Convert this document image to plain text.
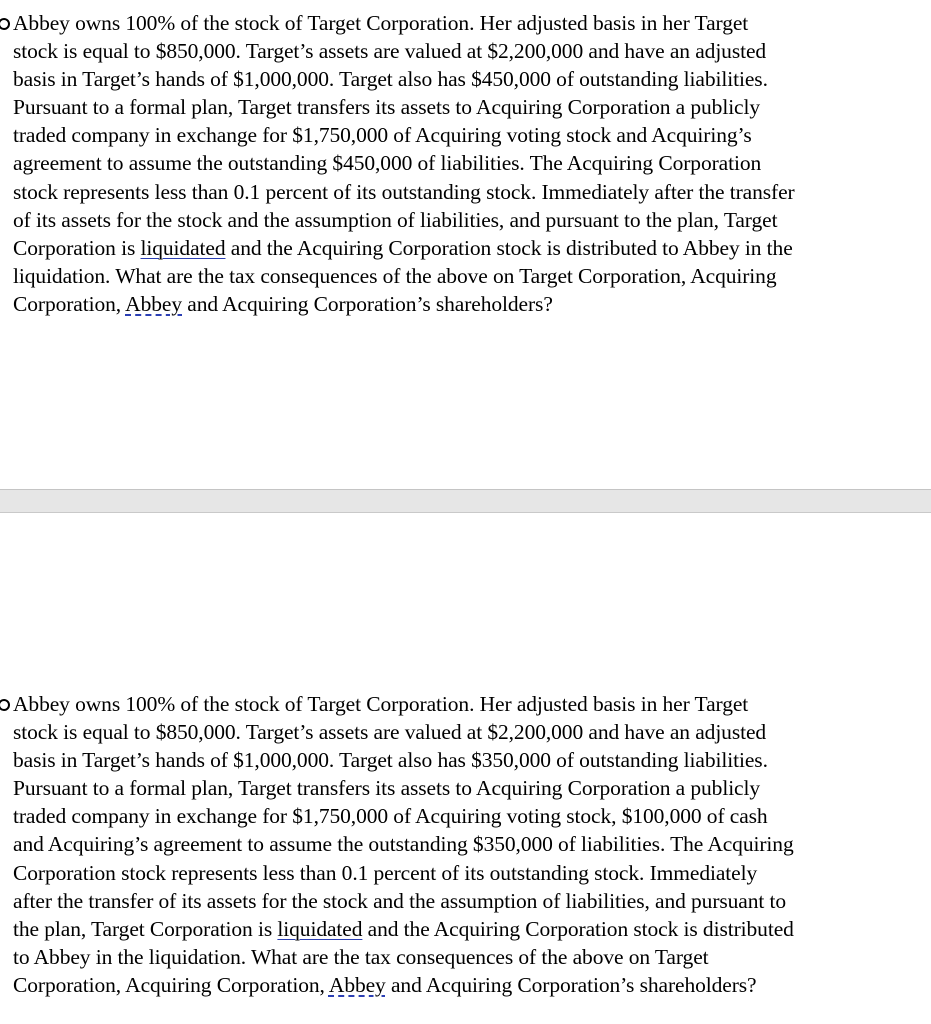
Abbey owns 100% of the stock of Target Corporation. Her adjusted basis in her Target
stock is equal to $850,000. Target’s assets are valued at $2,200,000 and have an adjusted
basis in Target’s hands of $1,000,000. Target also has $450,000 of outstanding liabilities.
Pursuant to a formal plan, Target transfers its assets to Acquiring Corporation a publicly
traded company in exchange for $1,750,000 of Acquiring voting stock and Acquiring’s
agreement to assume the outstanding $450,000 of liabilities. The Acquiring Corporation
stock represents less than 0.1 percent of its outstanding stock. Immediately after the transfer
of its assets for the stock and the assumption of liabilities, and pursuant to the plan, Target
Corporation is liquidated and the Acquiring Corporation stock is distributed to Abbey in the
liquidation. What are the tax consequences of the above on Target Corporation, Acquiring
Corporation, Abbey and Acquiring Corporation’s shareholders?
Abbey owns 100% of the stock of Target Corporation. Her adjusted basis in her Target
stock is equal to $850,000. Target’s assets are valued at $2,200,000 and have an adjusted
basis in Target’s hands of $1,000,000. Target also has $350,000 of outstanding liabilities.
Pursuant to a formal plan, Target transfers its assets to Acquiring Corporation a publicly
traded company in exchange for $1,750,000 of Acquiring voting stock, $100,000 of cash
and Acquiring’s agreement to assume the outstanding $350,000 of liabilities. The Acquiring
Corporation stock represents less than 0.1 percent of its outstanding stock. Immediately
after the transfer of its assets for the stock and the assumption of liabilities, and pursuant to
the plan, Target Corporation is liquidated and the Acquiring Corporation stock is distributed
to Abbey in the liquidation. What are the tax consequences of the above on Target
Corporation, Acquiring Corporation, Abbey and Acquiring Corporation’s shareholders?
